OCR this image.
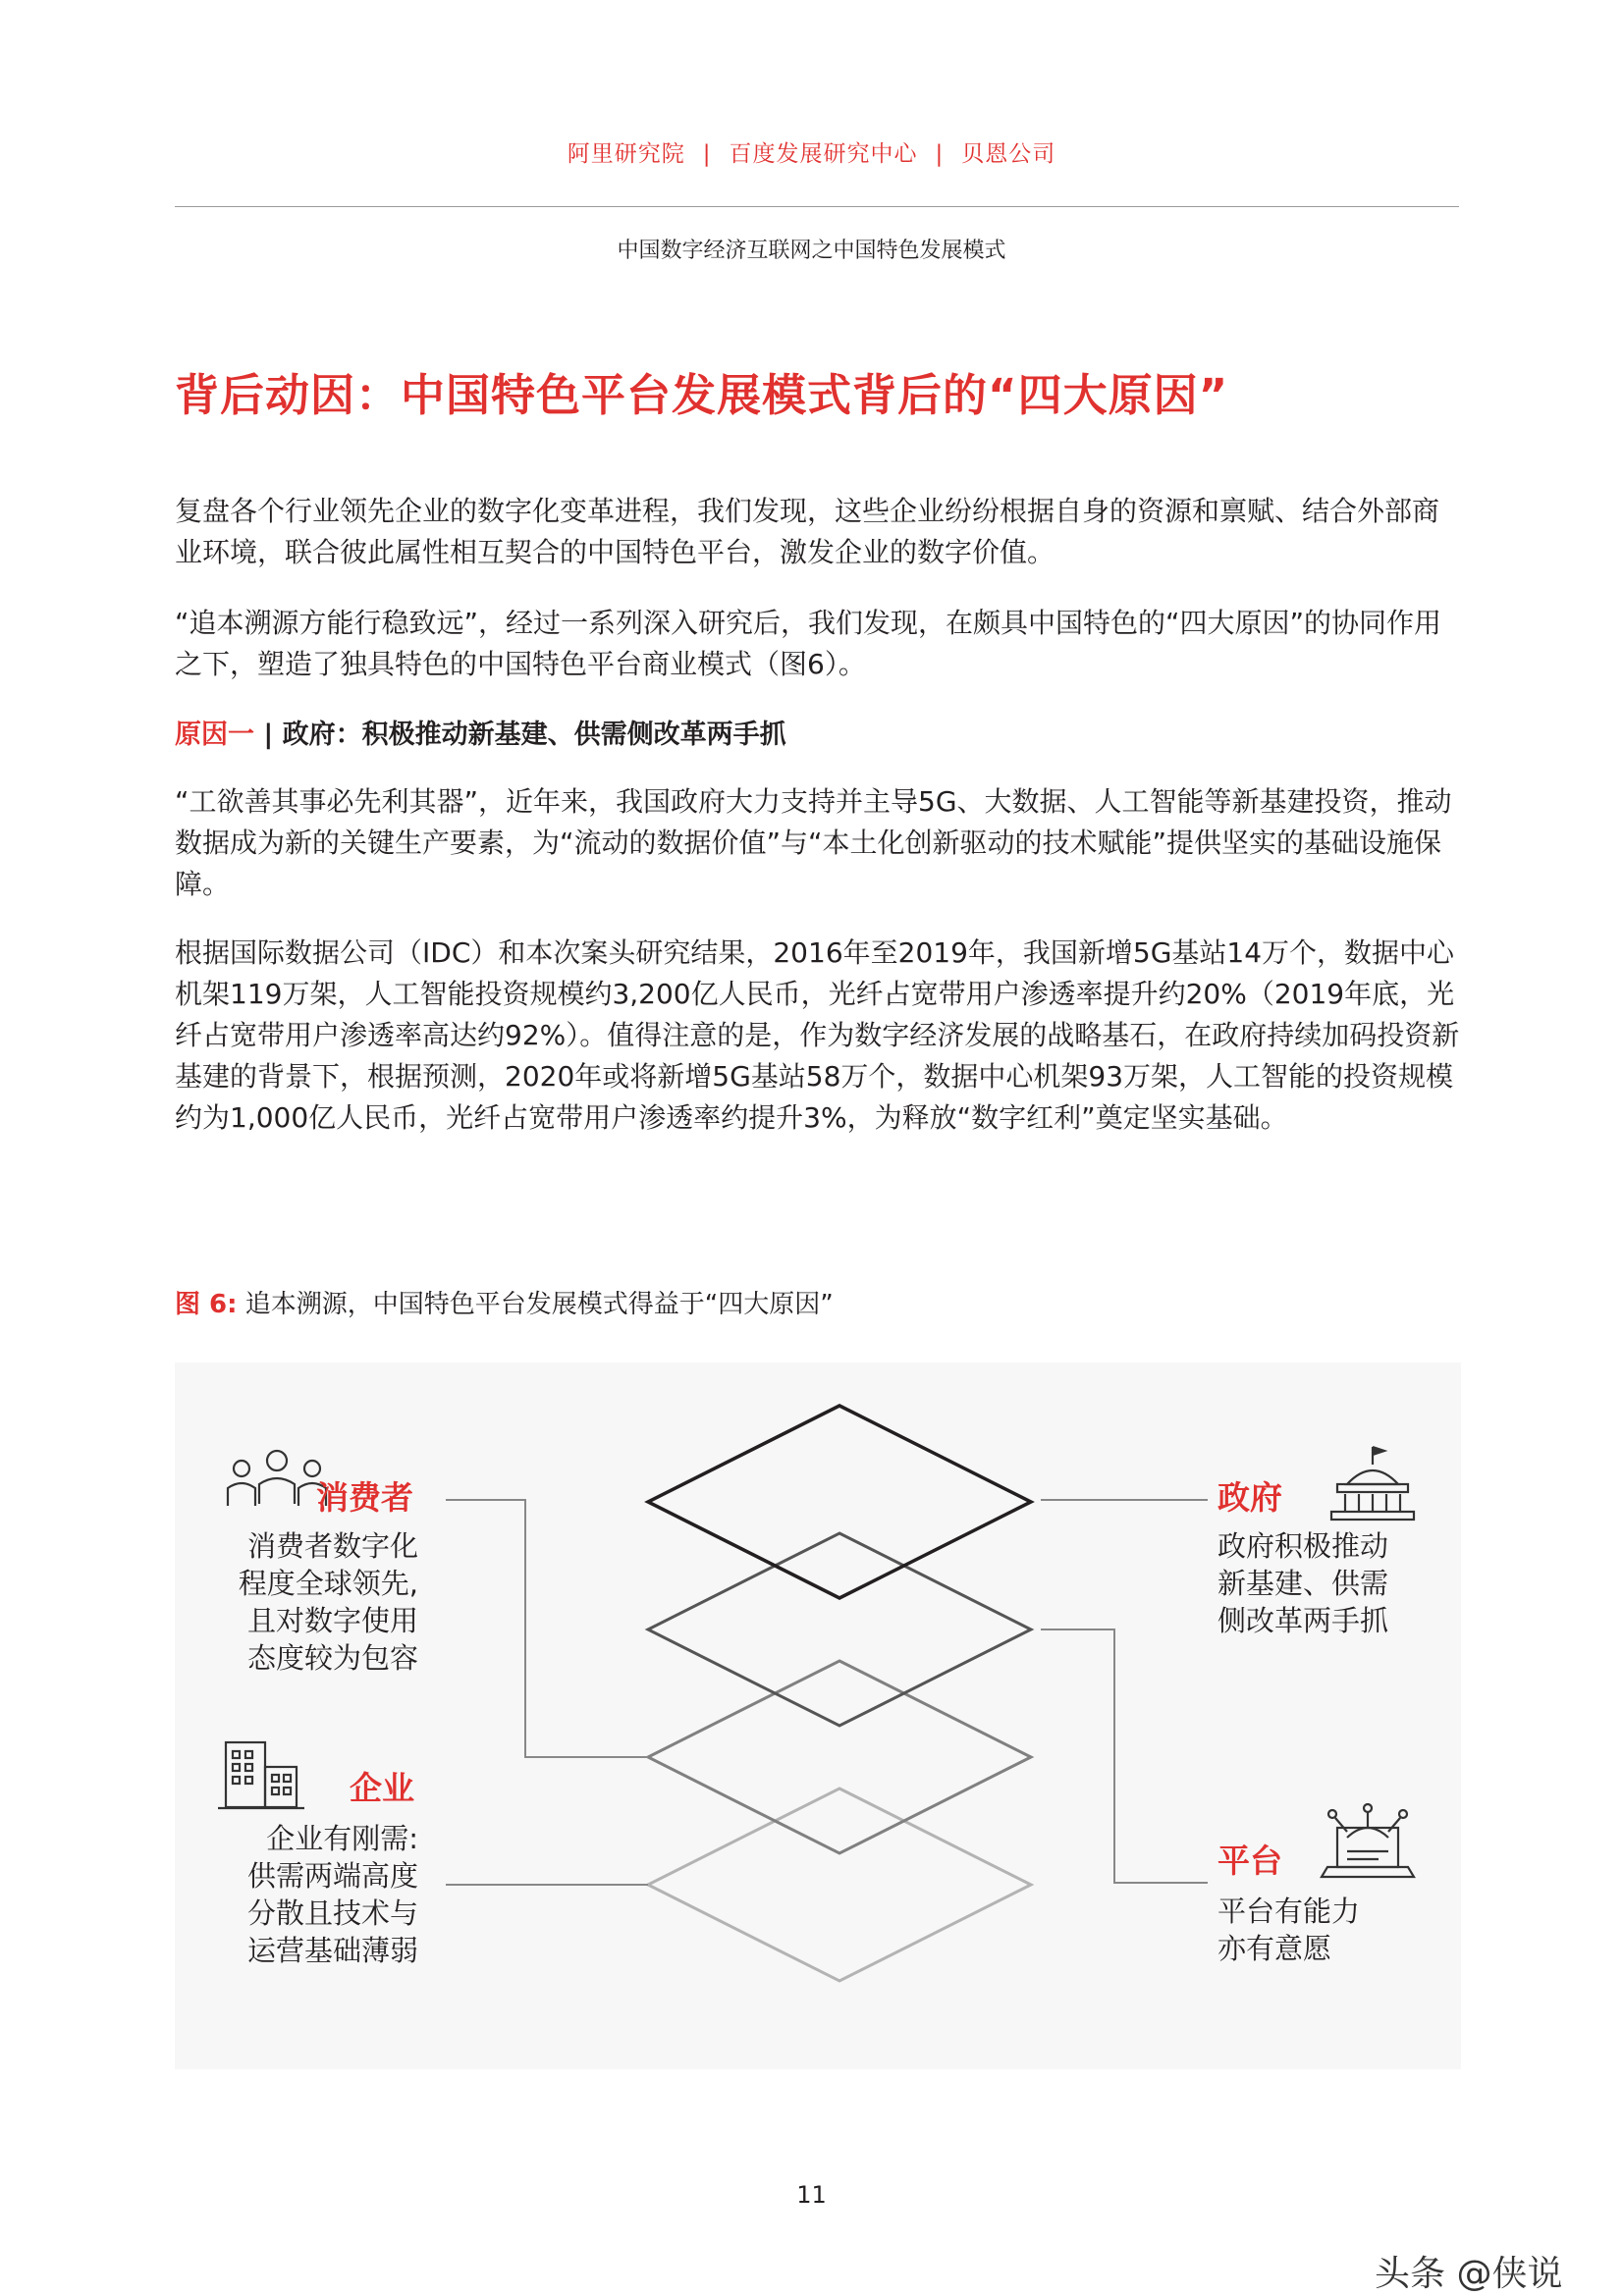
阿里研究院 | 百度发展研究中心 | 贝恩公司
中国数字经济互联网之中国特色发展模式
背后动因：中国特色平台发展模式背后的“四大原因”

复盘各个行业领先企业的数字化变革进程，我们发现，这些企业纷纷根据自身的资源和禀赋、结合外部商业环境，联合彼此属性相互契合的中国特色平台，激发企业的数字价值。

“追本溯源方能行稳致远”，经过一系列深入研究后，我们发现，在颇具中国特色的“四大原因”的协同作用之下，塑造了独具特色的中国特色平台商业模式（图6）。

原因一 | 政府：积极推动新基建、供需侧改革两手抓

“工欲善其事必先利其器”，近年来，我国政府大力支持并主导5G、大数据、人工智能等新基建投资，推动数据成为新的关键生产要素，为“流动的数据价值”与“本土化创新驱动的技术赋能”提供坚实的基础设施保障。

根据国际数据公司（IDC）和本次案头研究结果，2016年至2019年，我国新增5G基站14万个，数据中心机架119万架，人工智能投资规模约3,200亿人民币，光纤占宽带用户渗透率提升约20%（2019年底，光纤占宽带用户渗透率高达约92%）。值得注意的是，作为数字经济发展的战略基石，在政府持续加码投资新基建的背景下，根据预测，2020年或将新增5G基站58万个，数据中心机架93万架，人工智能的投资规模约为1,000亿人民币，光纤占宽带用户渗透率约提升3%，为释放“数字红利”奠定坚实基础。

图 6: 追本溯源，中国特色平台发展模式得益于“四大原因”
消费者
消费者数字化
程度全球领先,
且对数字使用
态度较为包容
企业
企业有刚需:
供需两端高度
分散且技术与
运营基础薄弱
政府
政府积极推动
新基建、供需
侧改革两手抓
平台
平台有能力
亦有意愿
11
头条 @侠说
